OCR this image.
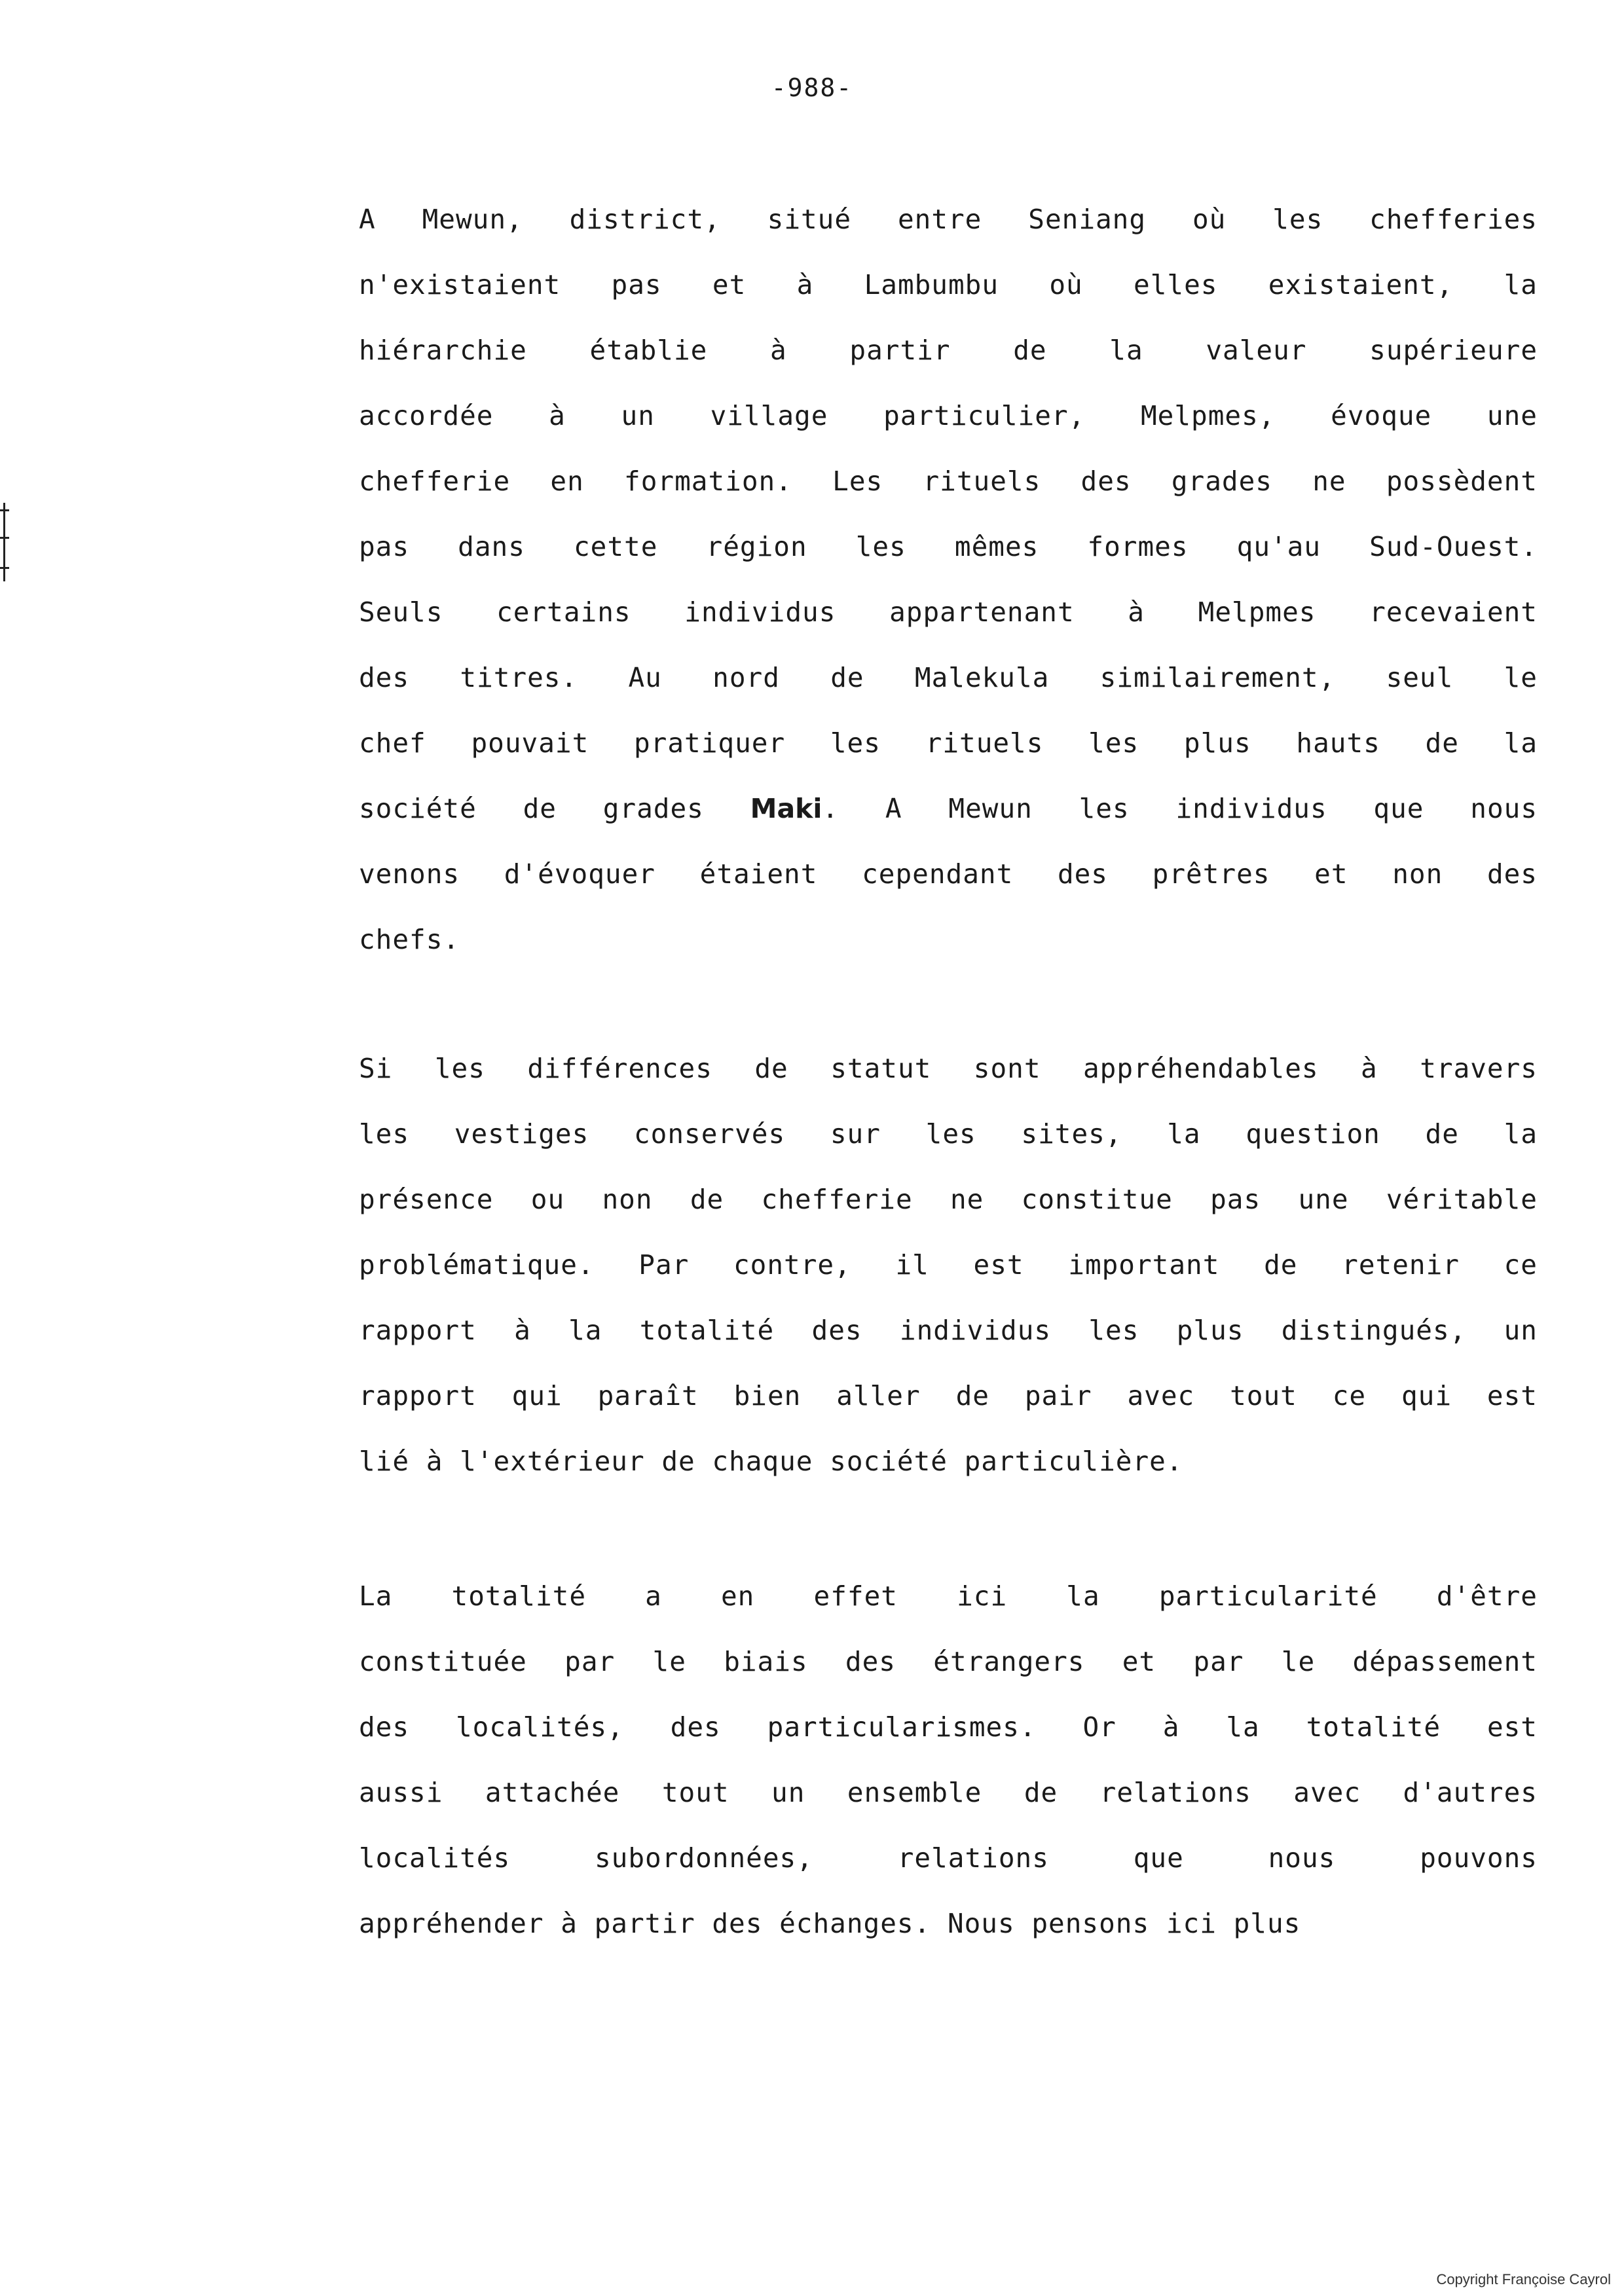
-988-
A Mewun, district, situé entre Seniang où les chefferies
n'existaient pas et à Lambumbu où elles existaient, la
hiérarchie établie à partir de la valeur supérieure
accordée à un village particulier, Melpmes, évoque une
chefferie en formation. Les rituels des grades ne possèdent
pas dans cette région les mêmes formes qu'au Sud-Ouest.
Seuls certains individus appartenant à Melpmes recevaient
des titres. Au nord de Malekula similairement, seul le
chef pouvait pratiquer les rituels les plus hauts de la
société de grades Maki. A Mewun les individus que nous
venons d'évoquer étaient cependant des prêtres et non des
chefs.
Si les différences de statut sont appréhendables à travers
les vestiges conservés sur les sites, la question de la
présence ou non de chefferie ne constitue pas une véritable
problématique. Par contre, il est important de retenir ce
rapport à la totalité des individus les plus distingués, un
rapport qui paraît bien aller de pair avec tout ce qui est
lié à l'extérieur de chaque société particulière.
La totalité a en effet ici la particularité d'être
constituée par le biais des étrangers et par le dépassement
des localités, des particularismes. Or à la totalité est
aussi attachée tout un ensemble de relations avec d'autres
localités subordonnées, relations que nous pouvons
appréhender à partir des échanges. Nous pensons ici plus
Copyright Françoise Cayrol
